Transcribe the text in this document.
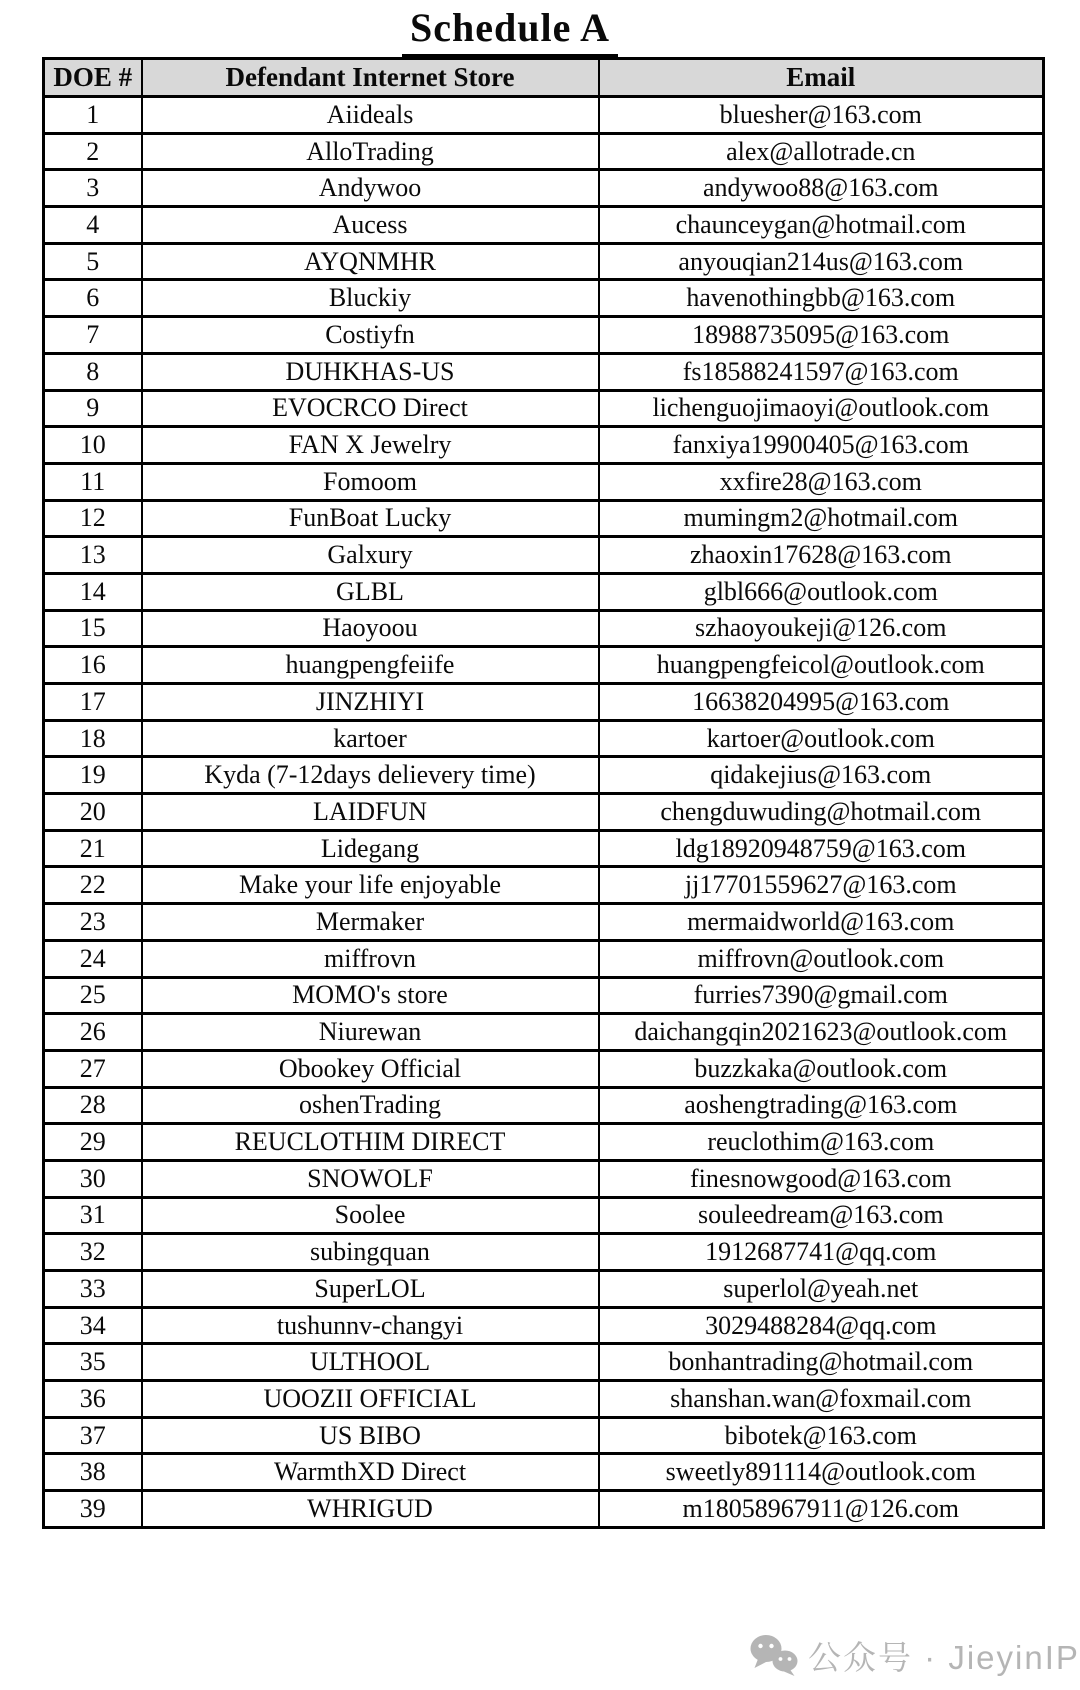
Schedule A
DOE #	Defendant Internet Store	Email
1	Aiideals	bluesher@163.com
2	AlloTrading	alex@allotrade.cn
3	Andywoo	andywoo88@163.com
4	Aucess	chaunceygan@hotmail.com
5	AYQNMHR	anyouqian214us@163.com
6	Bluckiy	havenothingbb@163.com
7	Costiyfn	18988735095@163.com
8	DUHKHAS-US	fs18588241597@163.com
9	EVOCRCO Direct	lichenguojimaoyi@outlook.com
10	FAN X Jewelry	fanxiya19900405@163.com
11	Fomoom	xxfire28@163.com
12	FunBoat Lucky	mumingm2@hotmail.com
13	Galxury	zhaoxin17628@163.com
14	GLBL	glbl666@outlook.com
15	Haoyoou	szhaoyoukeji@126.com
16	huangpengfeiife	huangpengfeicol@outlook.com
17	JINZHIYI	16638204995@163.com
18	kartoer	kartoer@outlook.com
19	Kyda (7-12days delievery time)	qidakejius@163.com
20	LAIDFUN	chengduwuding@hotmail.com
21	Lidegang	ldg18920948759@163.com
22	Make your life enjoyable	jj17701559627@163.com
23	Mermaker	mermaidworld@163.com
24	miffrovn	miffrovn@outlook.com
25	MOMO's store	furries7390@gmail.com
26	Niurewan	daichangqin2021623@outlook.com
27	Obookey Official	buzzkaka@outlook.com
28	oshenTrading	aoshengtrading@163.com
29	REUCLOTHIM DIRECT	reuclothim@163.com
30	SNOWOLF	finesnowgood@163.com
31	Soolee	souleedream@163.com
32	subingquan	1912687741@qq.com
33	SuperLOL	superlol@yeah.net
34	tushunnv-changyi	3029488284@qq.com
35	ULTHOOL	bonhantrading@hotmail.com
36	UOOZII OFFICIAL	shanshan.wan@foxmail.com
37	US BIBO	bibotek@163.com
38	WarmthXD Direct	sweetly891114@outlook.com
39	WHRIGUD	m18058967911@126.com
公众号 · JieyinIP
